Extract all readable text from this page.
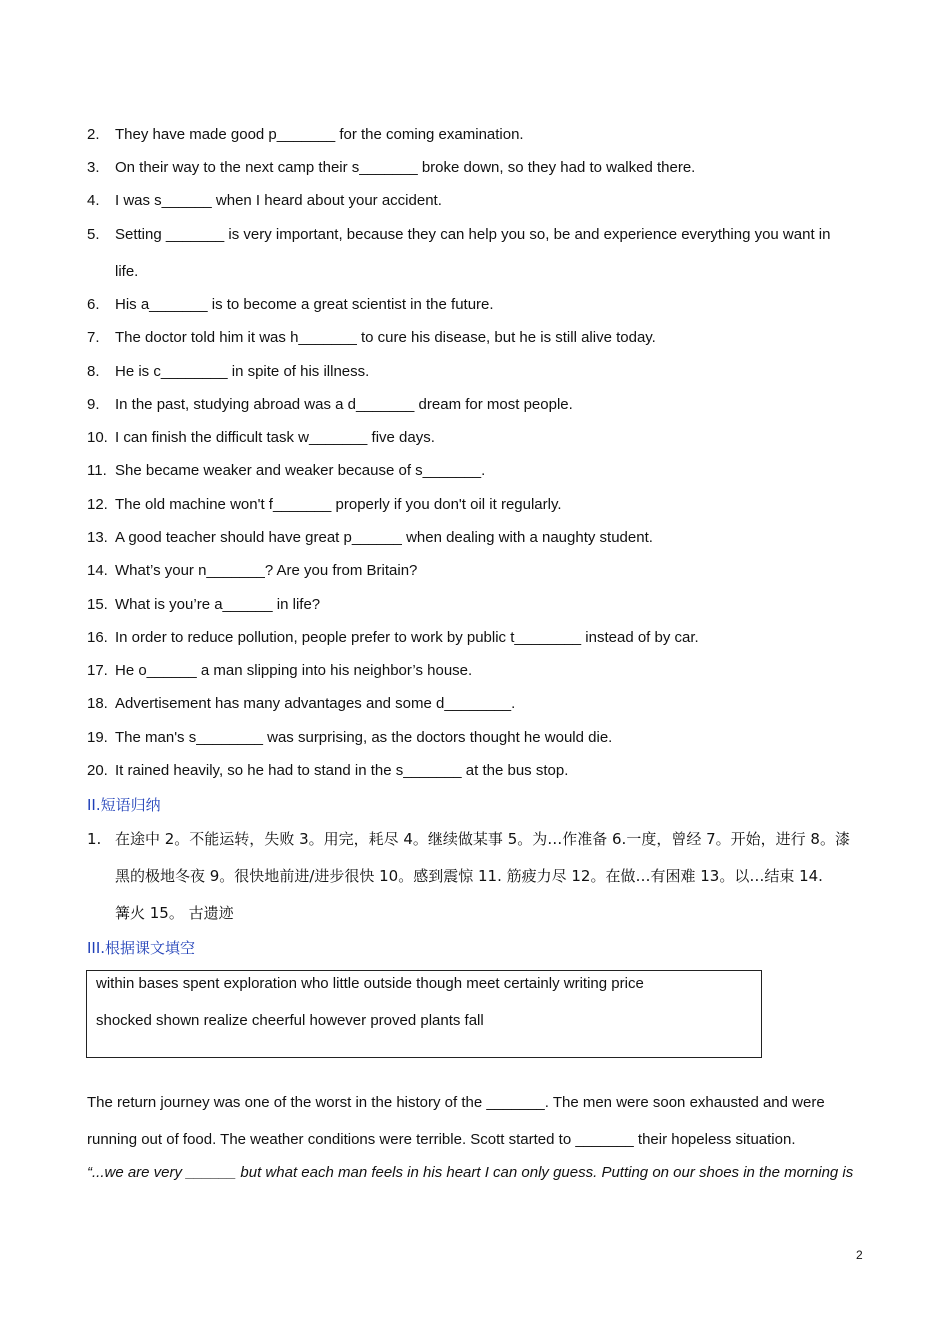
2. They have made good p_______ for the coming examination.
3. On their way to the next camp their s_______ broke down, so they had to walked there.
4. I was s______ when I heard about your accident.
5. Setting _______ is very important, because they can help you so, be and experience everything you want in
life.
6. His a_______ is to become a great scientist in the future.
7. The doctor told him it was h_______ to cure his disease, but he is still alive today.
8. He is c________ in spite of his illness.
9. In the past, studying abroad was a d_______ dream for most people.
10. I can finish the difficult task w_______ five days.
11. She became weaker and weaker because of s_______.
12. The old machine won't f_______ properly if you don't oil it regularly.
13. A good teacher should have great p______ when dealing with a naughty student.
14. What’s your n_______? Are you from Britain?
15. What is you’re a______ in life?
16. In order to reduce pollution, people prefer to work by public t________ instead of by car.
17. He o______ a man slipping into his neighbor’s house.
18. Advertisement has many advantages and some d________.
19. The man's s________ was surprising, as the doctors thought he would die.
20. It rained heavily, so he had to stand in the s_______ at the bus stop.
II.短语归纳
1. 在途中 2。不能运转，失败 3。用完，耗尽 4。继续做某事 5。为…作准备 6.一度，曾经 7。开始，进行 8。漆
黑的极地冬夜 9。很快地前进/进步很快 10。感到震惊 11. 筋疲力尽 12。在做…有困难 13。以…结束 14.
篝火 15。 古遗迹
III.根据课文填空
within bases spent exploration who little outside though meet certainly writing price
shocked shown realize cheerful however proved plants fall
The return journey was one of the worst in the history of the _______. The men were soon exhausted and were
running out of food. The weather conditions were terrible. Scott started to _______ their hopeless situation.
“...we are very ______ but what each man feels in his heart I can only guess. Putting on our shoes in the morning is
2
